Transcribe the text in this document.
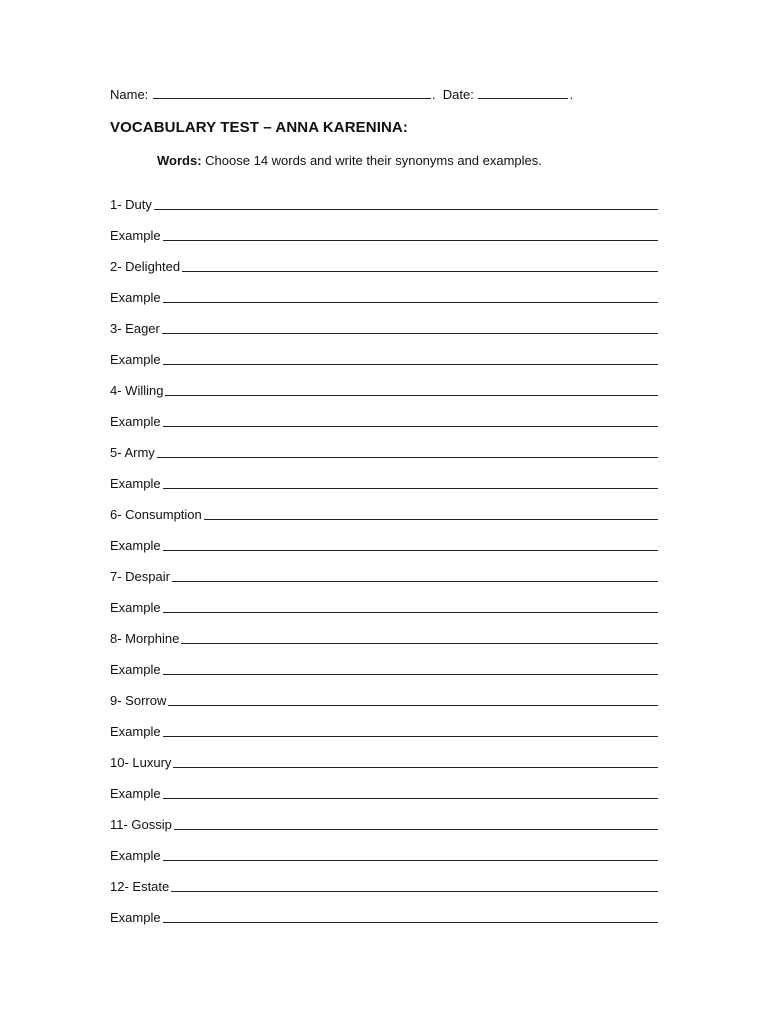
Name:
	.
Date:
	.
VOCABULARY TEST – ANNA KARENINA:
Words: Choose 14 words and write their synonyms and examples.
1- Duty
Example
2- Delighted
Example
3- Eager
Example
4- Willing
Example
5- Army
Example
6- Consumption
Example
7- Despair
Example
8- Morphine
Example
9- Sorrow
Example
10- Luxury
Example
11- Gossip
Example
12- Estate
Example
